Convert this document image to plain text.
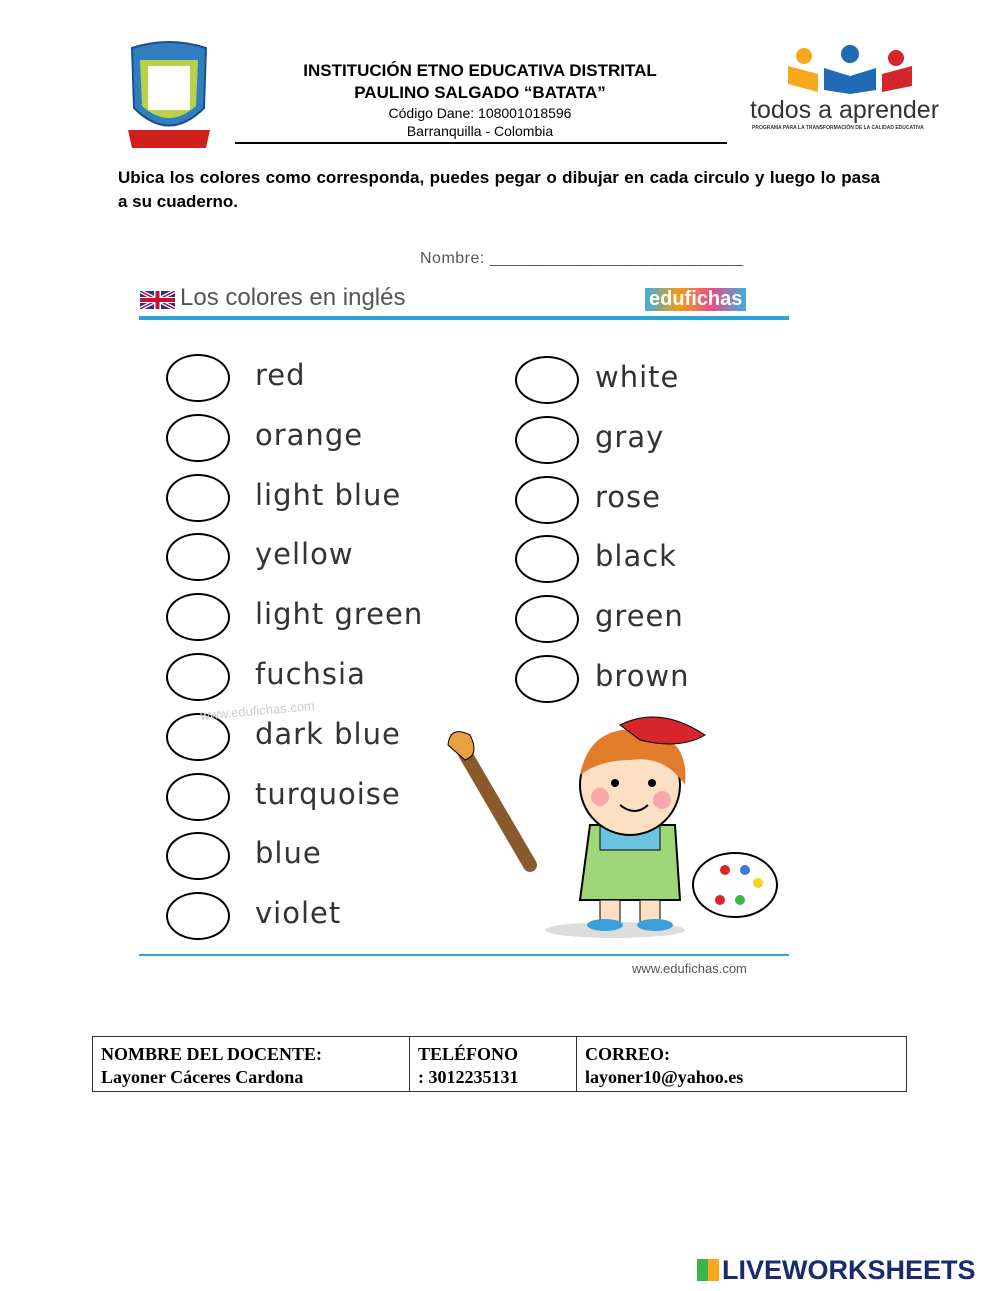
INSTITUCIÓN ETNO EDUCATIVA DISTRITAL
PAULINO SALGADO “BATATA”
Código Dane: 108001018596
Barranquilla - Colombia
todos a aprender
PROGRAMA PARA LA TRANSFORMACIÓN DE LA CALIDAD EDUCATIVA
Ubica los colores como corresponda, puedes pegar o dibujar en cada circulo y luego lo pasa a su cuaderno.
Nombre: ___________________________
Los colores en inglés	edufichas
red
orange
light blue
yellow
light green
fuchsia
dark blue
turquoise
blue
violet
white
gray
rose
black
green
brown
www.edufichas.com
www.edufichas.com
NOMBRE DEL DOCENTE:
Layoner Cáceres Cardona

TELÉFONO
: 3012235131

CORREO:
layoner10@yahoo.es
LIVEWORKSHEETS
